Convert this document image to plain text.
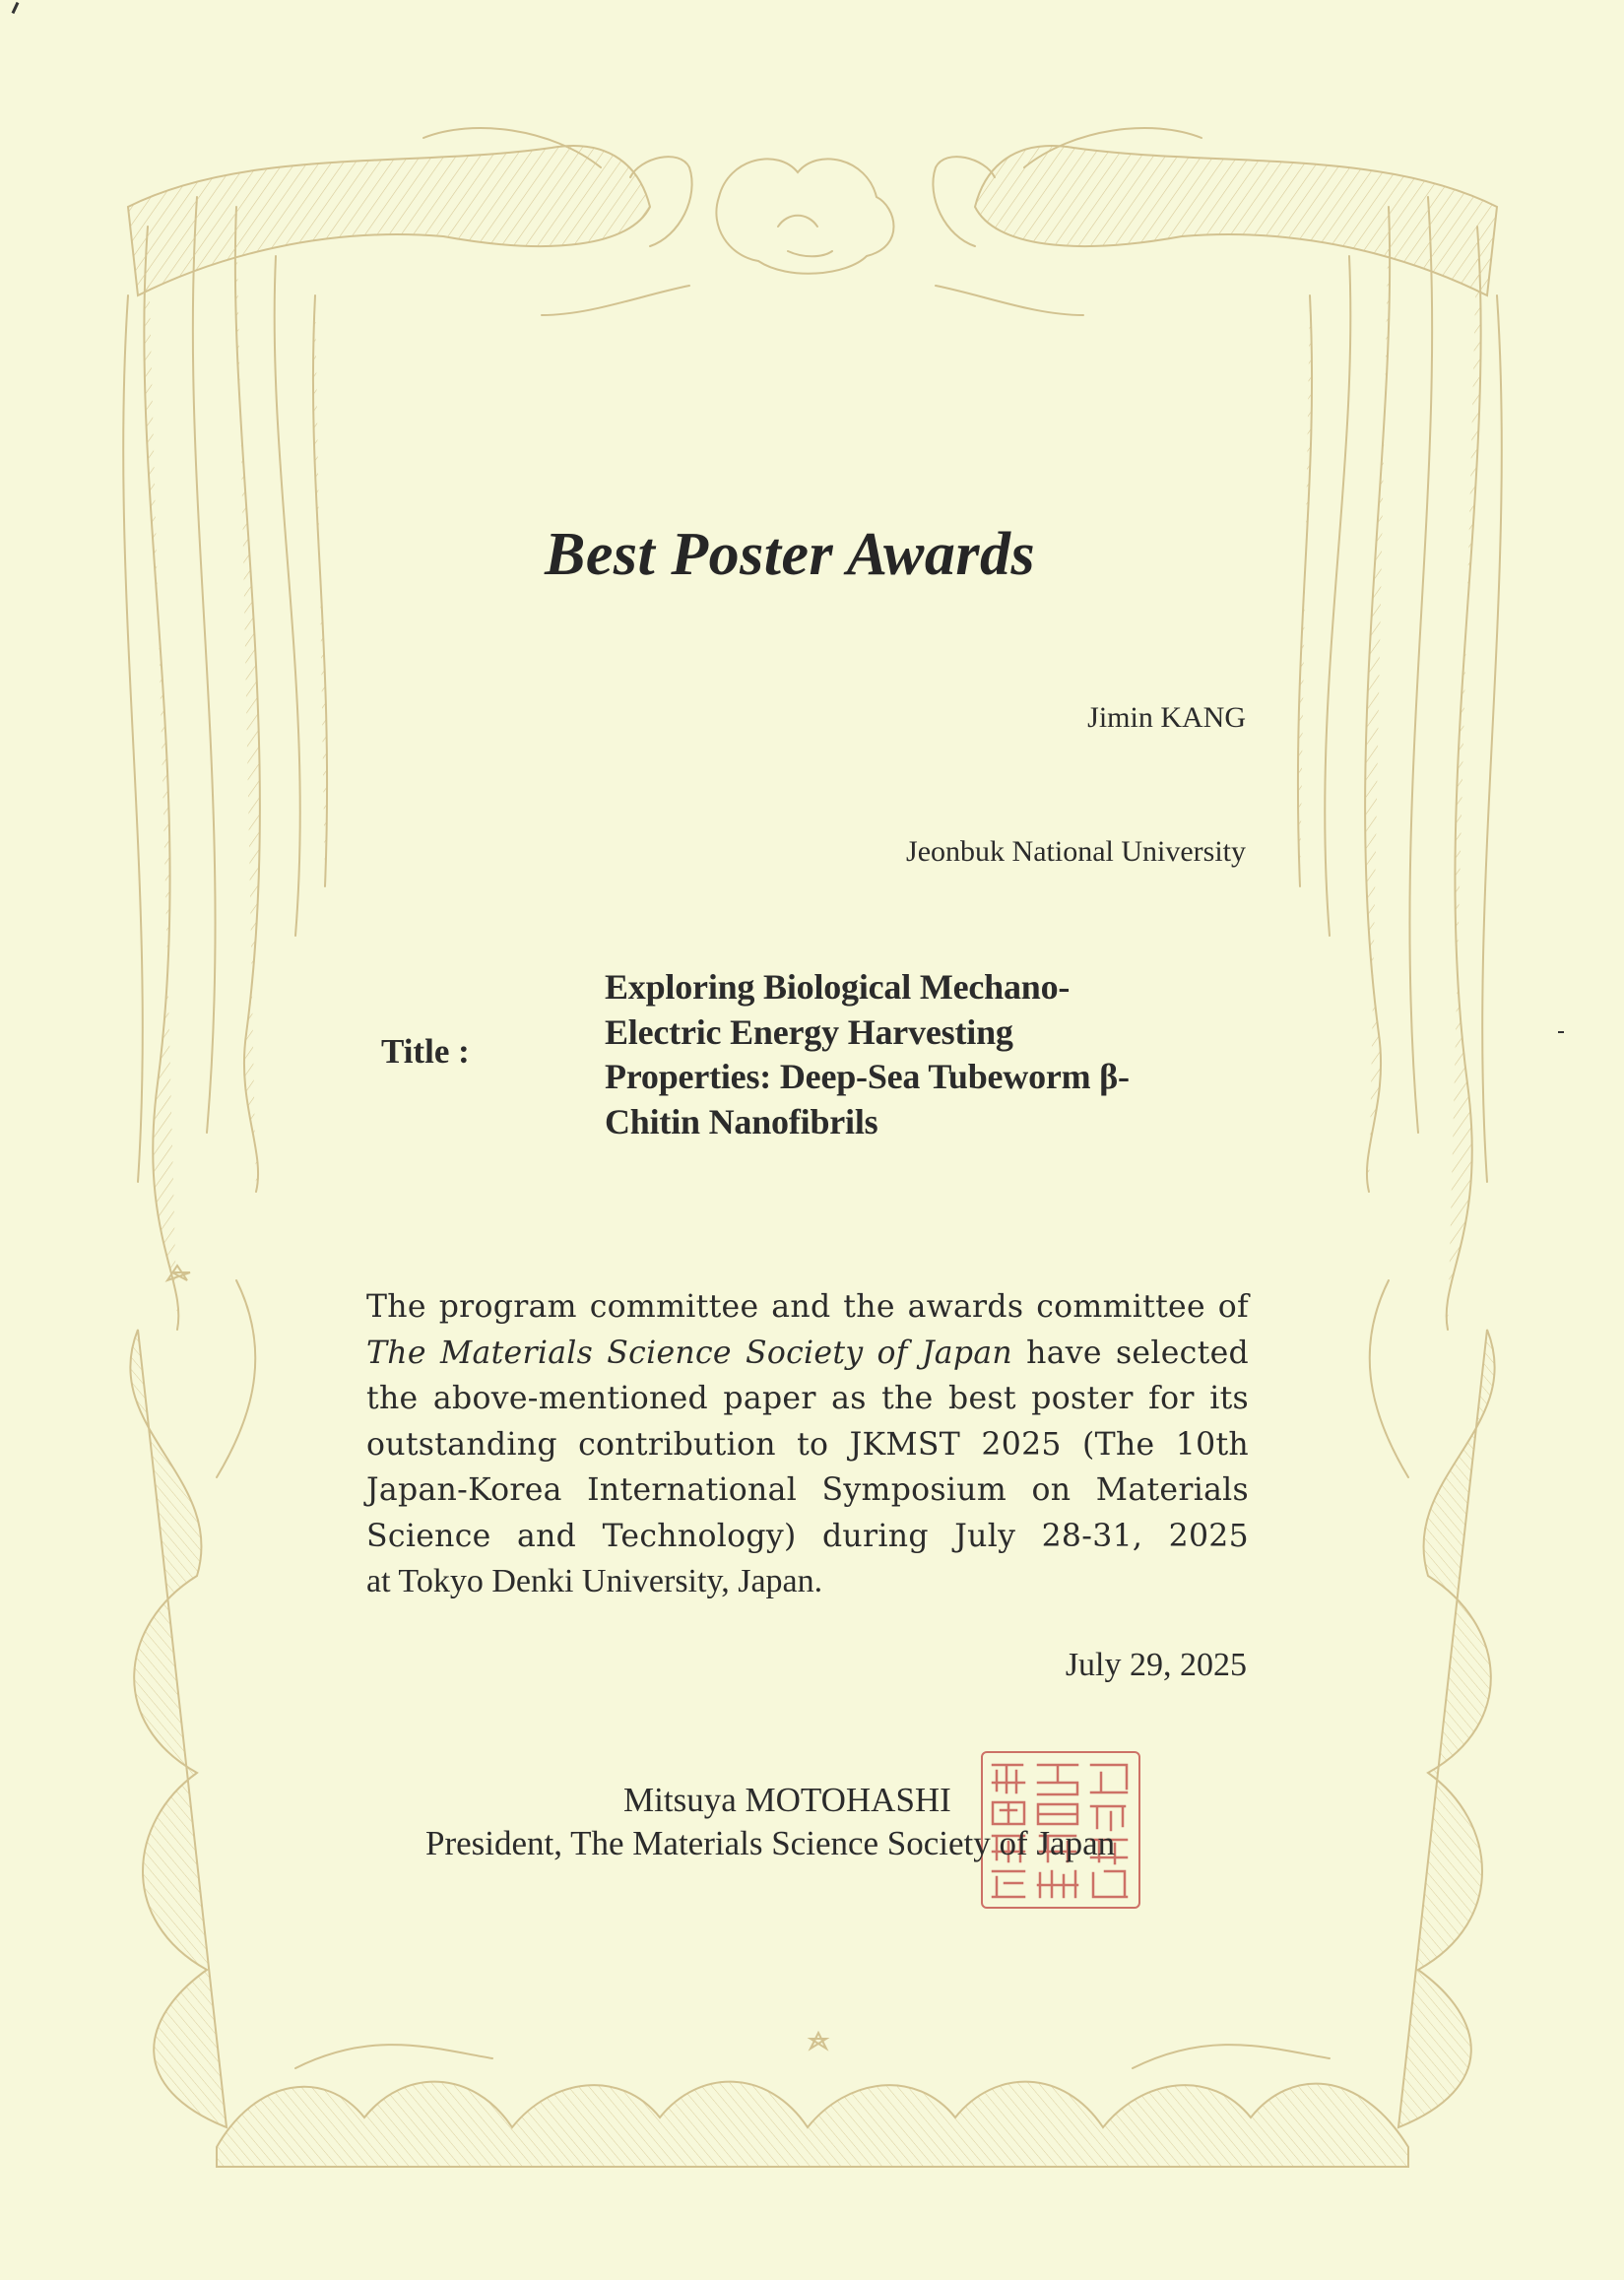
Best Poster Awards
Jimin KANG
Jeonbuk National University
Title :
Exploring Biological Mechano-
Electric Energy Harvesting
Properties: Deep-Sea Tubeworm β-
Chitin Nanofibrils
The program committee and the awards committee of
The Materials Science Society of Japan have selected
the above-mentioned paper as the best poster for its
outstanding contribution to JKMST 2025 (The 10th
Japan-Korea International Symposium on Materials
Science and Technology) during July 28-31, 2025
at Tokyo Denki University, Japan.
July 29, 2025
Mitsuya MOTOHASHI
President, The Materials Science Society of Japan
